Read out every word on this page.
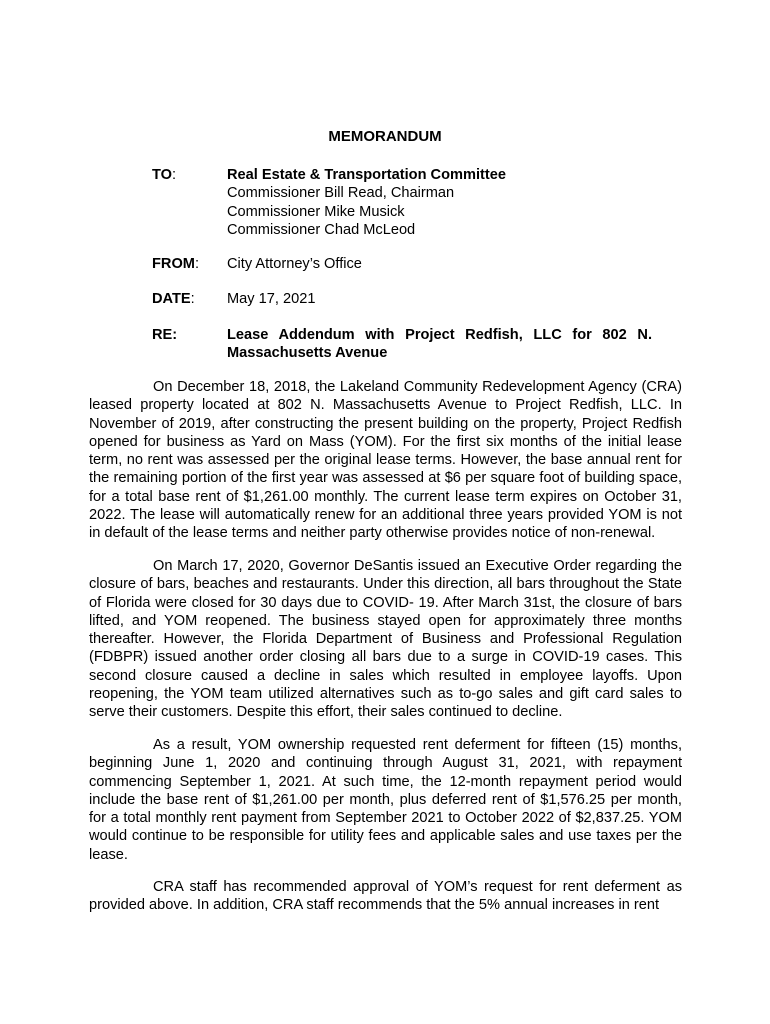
MEMORANDUM
TO:	Real Estate & Transportation Committee
Commissioner Bill Read, Chairman
Commissioner Mike Musick
Commissioner Chad McLeod
FROM:	City Attorney’s Office
DATE:	May 17, 2021
RE:	Lease Addendum with Project Redfish, LLC for 802 N. Massachusetts Avenue

On December 18, 2018, the Lakeland Community Redevelopment Agency (CRA) leased property located at 802 N. Massachusetts Avenue to Project Redfish, LLC. In November of 2019, after constructing the present building on the property, Project Redfish opened for business as Yard on Mass (YOM). For the first six months of the initial lease term, no rent was assessed per the original lease terms. However, the base annual rent for the remaining portion of the first year was assessed at $6 per square foot of building space, for a total base rent of $1,261.00 monthly. The current lease term expires on October 31, 2022. The lease will automatically renew for an additional three years provided YOM is not in default of the lease terms and neither party otherwise provides notice of non-renewal.

On March 17, 2020, Governor DeSantis issued an Executive Order regarding the closure of bars, beaches and restaurants. Under this direction, all bars throughout the State of Florida were closed for 30 days due to COVID- 19. After March 31st, the closure of bars lifted, and YOM reopened. The business stayed open for approximately three months thereafter. However, the Florida Department of Business and Professional Regulation (FDBPR) issued another order closing all bars due to a surge in COVID-19 cases. This second closure caused a decline in sales which resulted in employee layoffs. Upon reopening, the YOM team utilized alternatives such as to-go sales and gift card sales to serve their customers. Despite this effort, their sales continued to decline.

As a result, YOM ownership requested rent deferment for fifteen (15) months, beginning June 1, 2020 and continuing through August 31, 2021, with repayment commencing September 1, 2021. At such time, the 12-month repayment period would include the base rent of $1,261.00 per month, plus deferred rent of $1,576.25 per month, for a total monthly rent payment from September 2021 to October 2022 of $2,837.25. YOM would continue to be responsible for utility fees and applicable sales and use taxes per the lease.

CRA staff has recommended approval of YOM’s request for rent deferment as provided above. In addition, CRA staff recommends that the 5% annual increases in rent
